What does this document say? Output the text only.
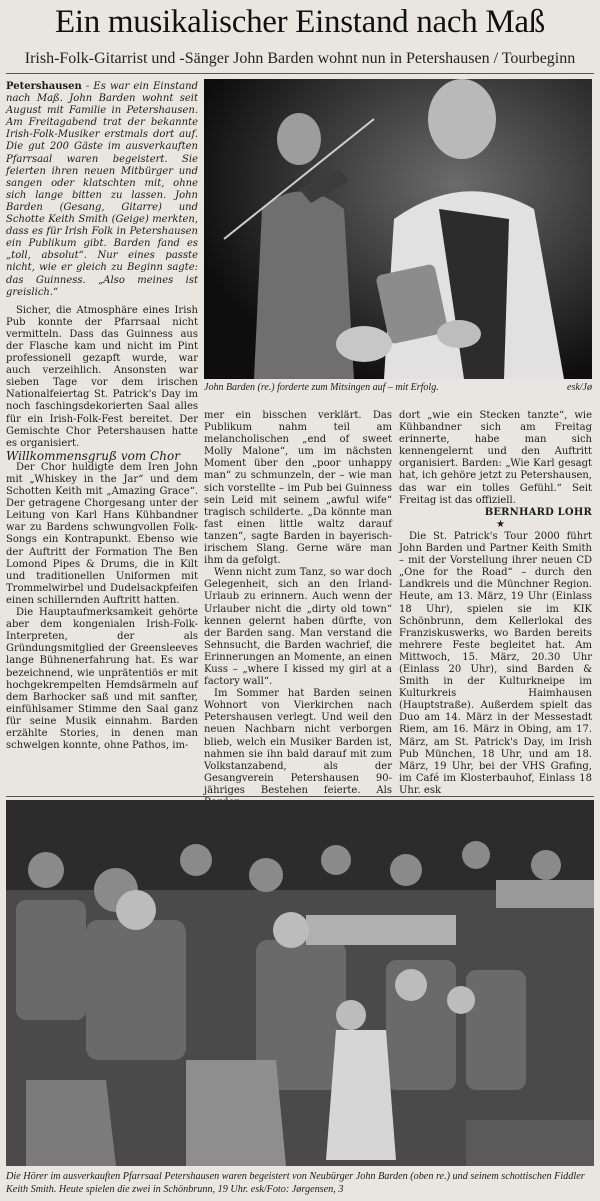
Ein musikalischer Einstand nach Maß
Irish-Folk-Gitarrist und -Sänger John Barden wohnt nun in Petershausen / Tourbeginn
John Barden (re.) forderte zum Mitsingen auf – mit Erfolg.	esk/Jø

Petershausen - Es war ein Einstand nach Maß. John Barden wohnt seit August mit Familie in Petershausen. Am Freitagabend trat der bekannte Irish-Folk-Musiker erstmals dort auf. Die gut 200 Gäste im ausverkauften Pfarrsaal waren begeistert. Sie feierten ihren neuen Mitbürger und sangen oder klatschten mit, ohne sich lange bitten zu lassen. John Barden (Gesang, Gitarre) und Schotte Keith Smith (Geige) merkten, dass es für Irish Folk in Petershausen ein Publikum gibt. Barden fand es „toll, absolut“. Nur eines passte nicht, wie er gleich zu Beginn sagte: das Guinness. „Also meines ist greislich.“

Sicher, die Atmosphäre eines Irish Pub konnte der Pfarrsaal nicht vermitteln. Dass das Guinness aus der Flasche kam und nicht im Pint professionell gezapft wurde, war auch verzeihlich. Ansonsten war sieben Tage vor dem irischen Nationalfeiertag St. Patrick's Day im noch faschingsdekorierten Saal alles für ein Irish-Folk-Fest bereitet. Der Gemischte Chor Petershausen hatte es organisiert.

Willkommensgruß vom Chor

Der Chor huldigte dem Iren John mit „Whiskey in the Jar“ und dem Schotten Keith mit „Amazing Grace“. Der getragene Chorgesang unter der Leitung von Karl Hans Kühbandner war zu Bardens schwungvollen Folk-Songs ein Kontrapunkt. Ebenso wie der Auftritt der Formation The Ben Lomond Pipes & Drums, die in Kilt und traditionellen Uniformen mit Trommelwirbel und Dudelsackpfeifen einen schillernden Auftritt hatten.

Die Hauptaufmerksamkeit gehörte aber dem kongenialen Irish-Folk-Interpreten, der als Gründungsmitglied der Greensleeves lange Bühnenerfahrung hat. Es war bezeichnend, wie unprätentiös er mit hochgekrempelten Hemdsärmeln auf dem Barhocker saß und mit sanfter, einfühlsamer Stimme den Saal ganz für seine Musik einnahm. Barden erzählte Stories, in denen man schwelgen konnte, ohne Pathos, im-

mer ein bisschen verklärt. Das Publikum nahm teil am melancholischen „end of sweet Molly Malone“, um im nächsten Moment über den „poor unhappy man“ zu schmunzeln, der – wie man sich vorstellte – im Pub bei Guinness sein Leid mit seinem „awful wife“ tragisch schilderte. „Da könnte man fast einen little waltz darauf tanzen“, sagte Barden in bayerisch-irischem Slang. Gerne wäre man ihm da gefolgt.

Wenn nicht zum Tanz, so war doch Gelegenheit, sich an den Irland-Urlaub zu erinnern. Auch wenn der Urlauber nicht die „dirty old town“ kennen gelernt haben dürfte, von der Barden sang. Man verstand die Sehnsucht, die Barden wachrief, die Erinnerungen an Momente, an einen Kuss – „where I kissed my girl at a factory wall“.

Im Sommer hat Barden seinen Wohnort von Vierkirchen nach Petershausen verlegt. Und weil den neuen Nachbarn nicht verborgen blieb, welch ein Musiker Barden ist, nahmen sie ihn bald darauf mit zum Volkstanzabend, als der Gesangverein Petershausen 90-jähriges Bestehen feierte. Als

dort „wie ein Stecken tanzte“, wie Kühbandner sich am Freitag erinnerte, habe man sich kennengelernt und den Auftritt organisiert. Barden: „Wie Karl gesagt hat, ich gehöre jetzt zu Petershausen, das war ein tolles Gefühl.“ Seit Freitag ist das offiziell.

BERNHARD LOHR

★

Die St. Patrick's Tour 2000 führt John Barden und Partner Keith Smith – mit der Vorstellung ihrer neuen CD „One for the Road“ – durch den Landkreis und die Münchner Region. Heute, am 13. März, 19 Uhr (Einlass 18 Uhr), spielen sie im KIK Schönbrunn, dem Kellerlokal des Franziskuswerks, wo Barden bereits mehrere Feste begleitet hat. Am Mittwoch, 15. März, 20.30 Uhr (Einlass 20 Uhr), sind Barden & Smith in der Kulturkneipe im Kulturkreis Haimhausen (Hauptstraße). Außerdem spielt das Duo am 14. März in der Messestadt Riem, am 16. März in Obing, am 17. März, am St. Patrick's Day, im Irish Pub München, 18 Uhr, und am 18. März, 19 Uhr, bei der VHS Grafing, im Café im Klosterbauhof, Einlass 18 Uhr. esk

Die Hörer im ausverkauften Pfarrsaal Petershausen waren begeistert von Neubürger John Barden (oben re.) und seinem schottischen Fiddler Keith Smith. Heute spielen die zwei in Schönbrunn, 19 Uhr. esk/Foto: Jørgensen, 3
